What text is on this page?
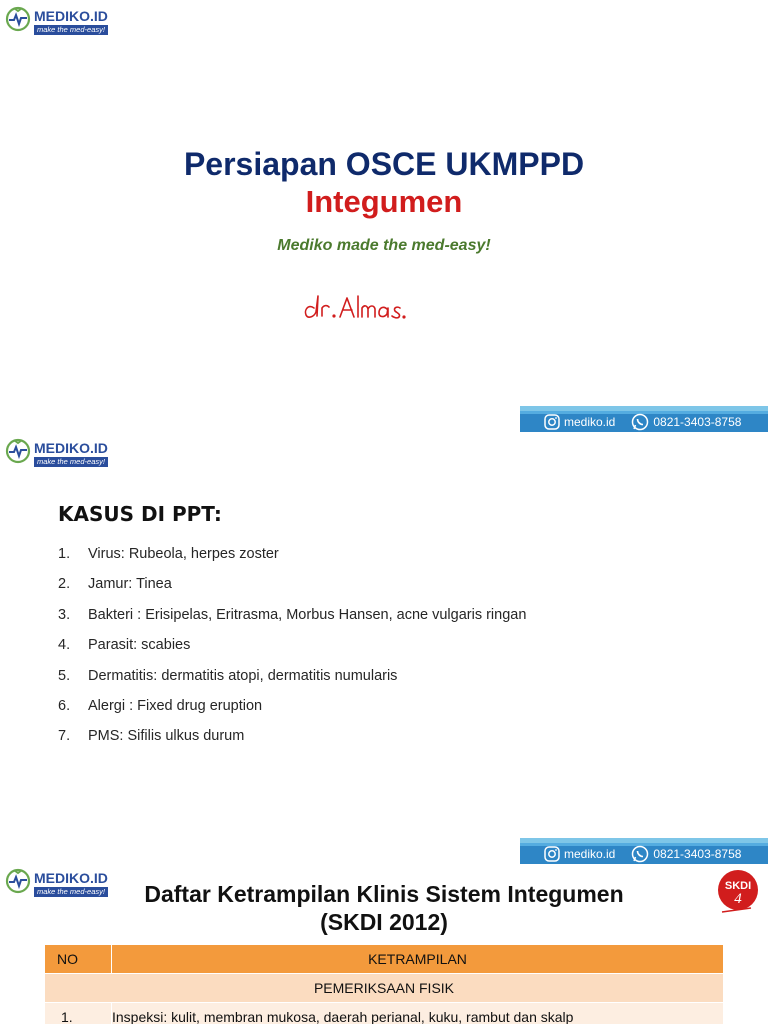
MEDIKO.ID
make the med-easy!
Persiapan OSCE UKMPPD
Integumen
Mediko made the med-easy!
mediko.id	0821-3403-8758
MEDIKO.ID
make the med-easy!
KASUS DI PPT:
1.	Virus: Rubeola, herpes zoster
2.	Jamur: Tinea
3.	Bakteri : Erisipelas, Eritrasma, Morbus Hansen, acne vulgaris ringan
4.	Parasit: scabies
5.	Dermatitis: dermatitis atopi, dermatitis numularis
6.	Alergi : Fixed drug eruption
7.	PMS: Sifilis ulkus durum
mediko.id	0821-3403-8758
MEDIKO.ID
make the med-easy!	Daftar Ketrampilan Klinis Sistem Integumen
(SKDI 2012)
SKDI
4
NO	KETRAMPILAN
PEMERIKSAAN FISIK	
1.	Inspeksi: kulit, membran mukosa, daerah perianal, kuku, rambut dan skalp
